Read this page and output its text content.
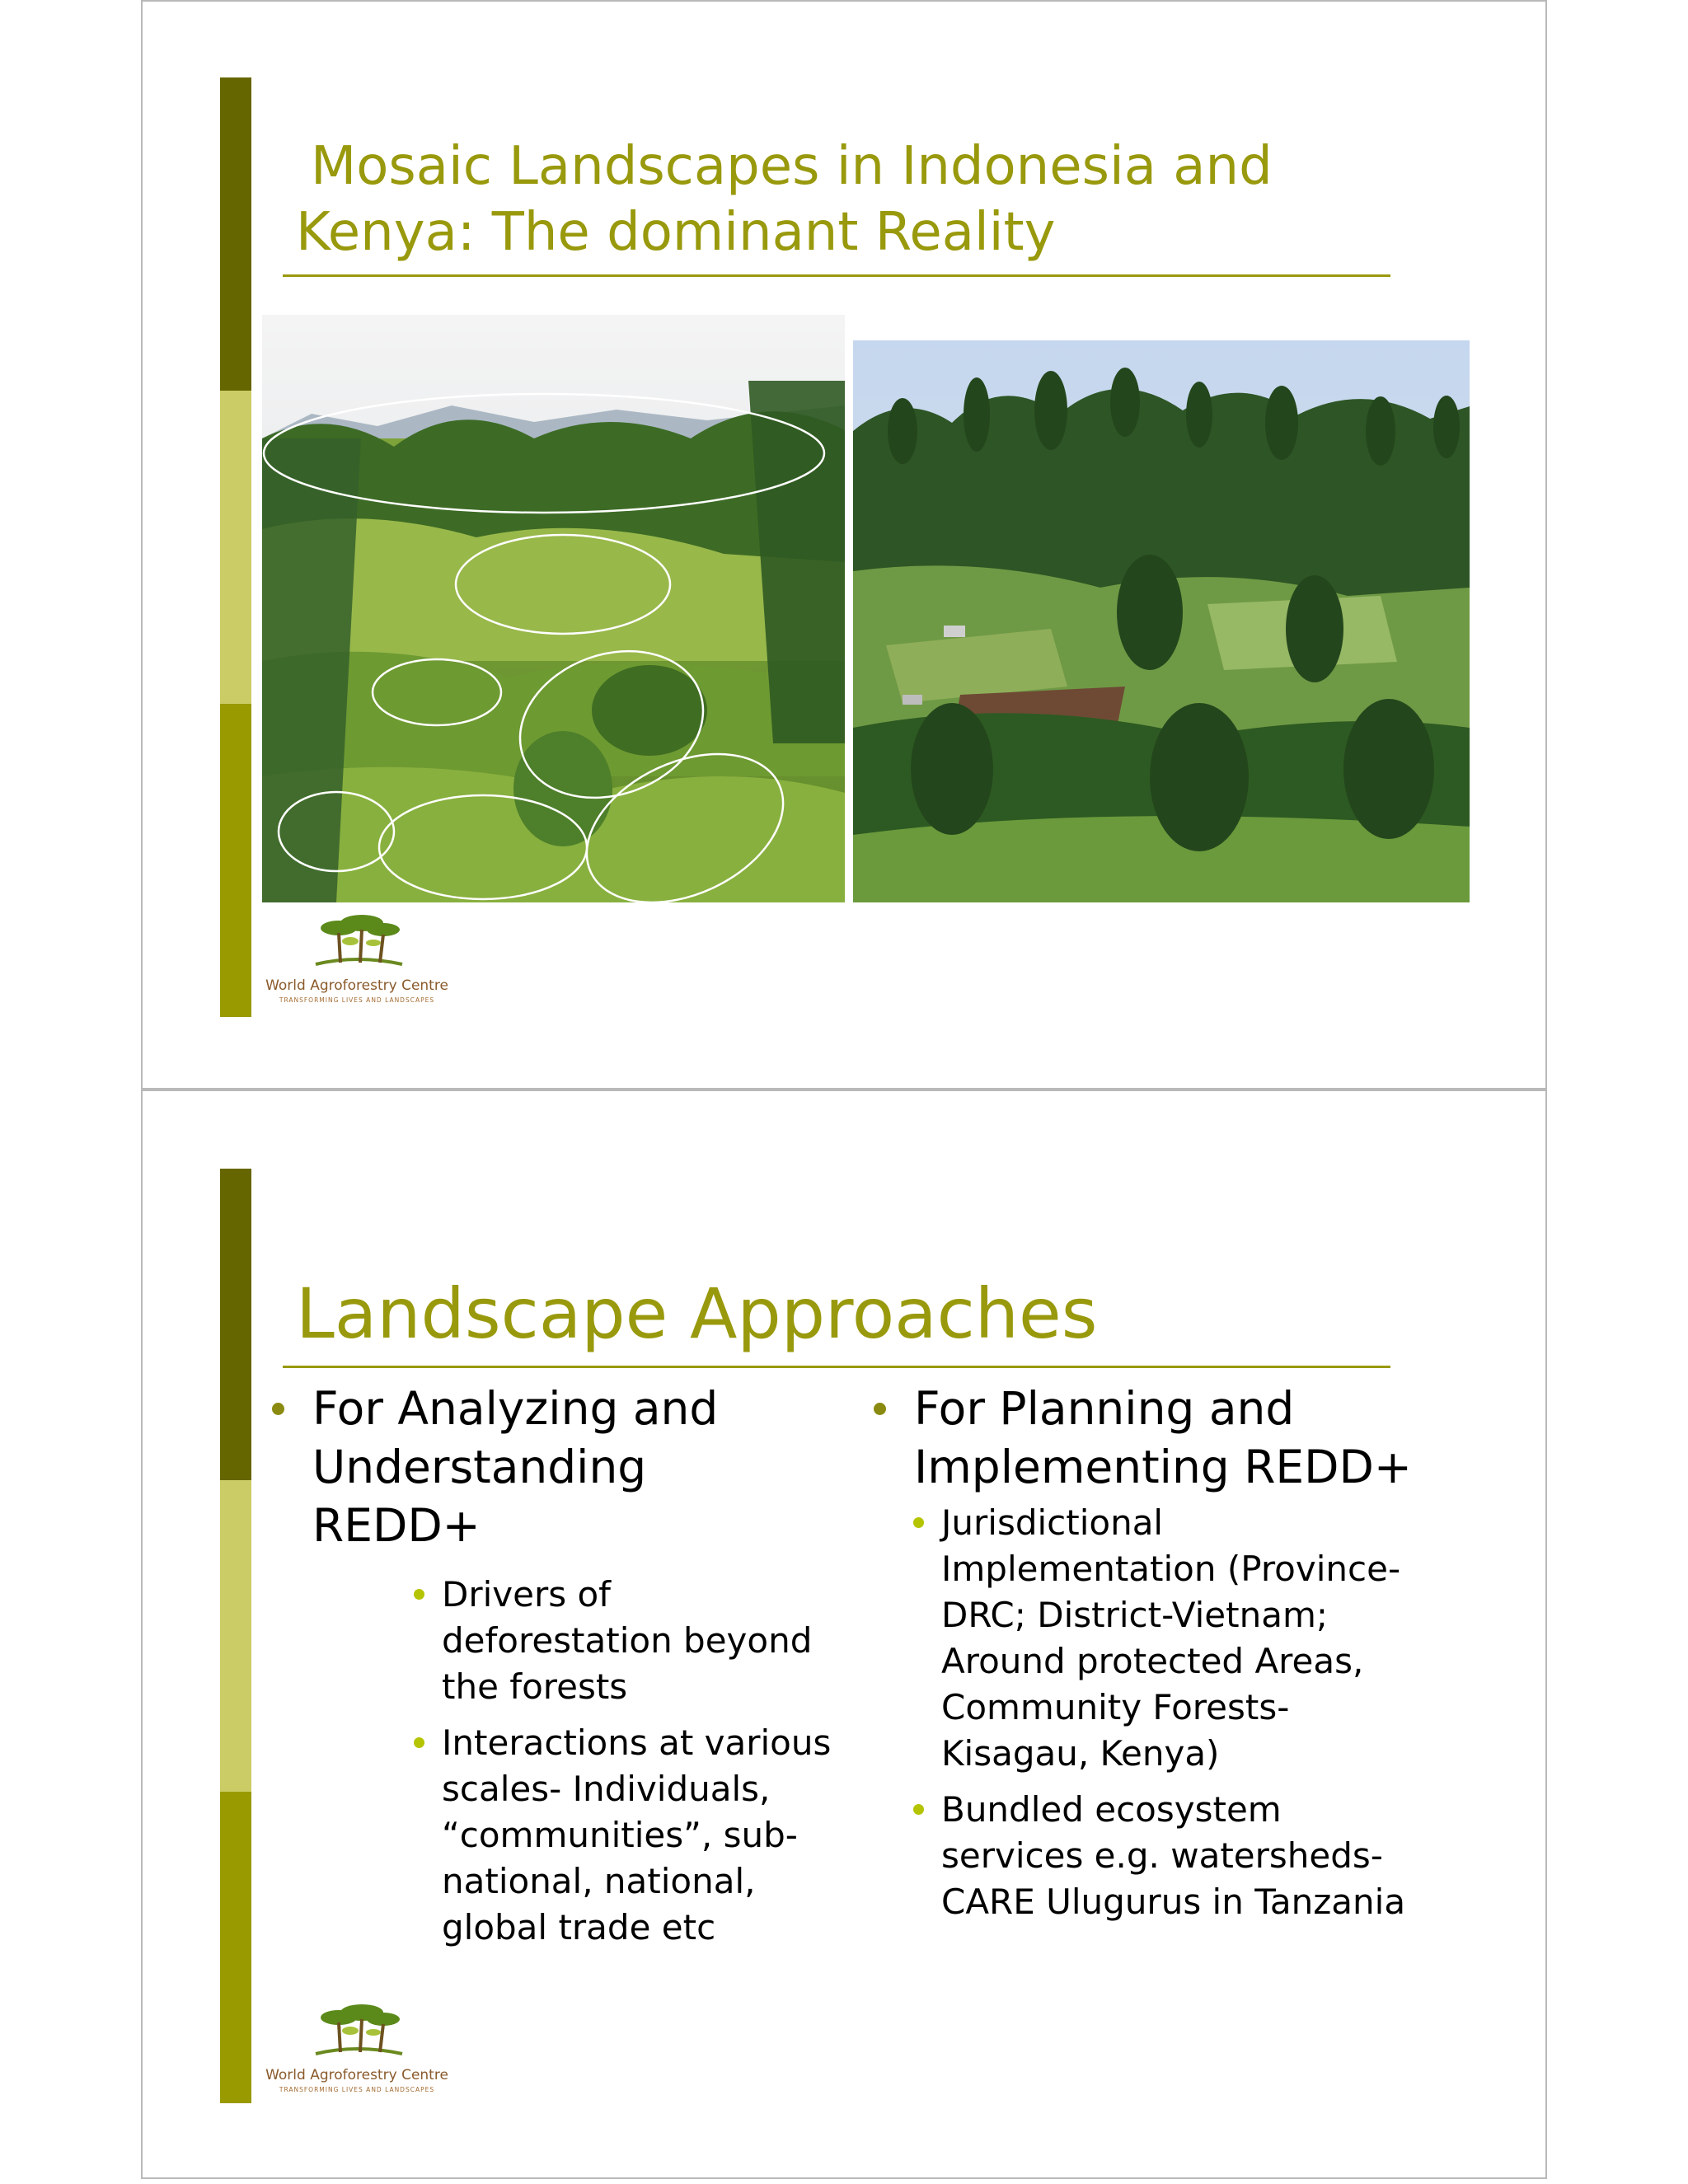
Mosaic Landscapes in Indonesia and
Kenya: The dominant Reality
World Agroforestry Centre
TRANSFORMING LIVES AND LANDSCAPES
Landscape Approaches

For Analyzing and Understanding REDD+

Drivers of deforestation beyond the forests

Interactions at various scales- Individuals, “communities”, sub-national, national, global trade etc

For Planning and Implementing REDD+

Jurisdictional Implementation (Province- DRC; District-Vietnam; Around protected Areas, Community Forests-Kisagau, Kenya)

Bundled ecosystem services e.g. watersheds- CARE Ulugurus in Tanzania

World Agroforestry Centre
TRANSFORMING LIVES AND LANDSCAPES
